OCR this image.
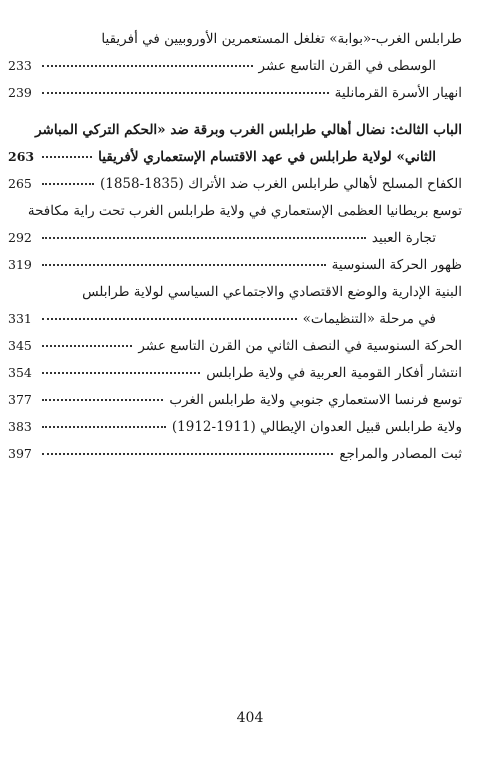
طرابلس الغرب-«بوابة» تغلغل المستعمرين الأوروبيين في أفريقيا
الوسطى في القرن التاسع عشر
233
انهيار الأسرة القرمانلية
239
الباب الثالث: نضال أهالي طرابلس الغرب وبرقة ضد «الحكم التركي المباشر
الثاني» لولاية طرابلس في عهد الاقتسام الإستعماري لأفريقيا
263
الكفاح المسلح لأهالي طرابلس الغرب ضد الأتراك (1835-1858)
265
توسع بريطانيا العظمى الإستعماري في ولاية طرابلس الغرب تحت راية مكافحة
تجارة العبيد
292
ظهور الحركة السنوسية
319
البنية الإدارية والوضع الاقتصادي والاجتماعي السياسي لولاية طرابلس
في مرحلة «التنظيمات»
331
الحركة السنوسية في النصف الثاني من القرن التاسع عشر
345
انتشار أفكار القومية العربية في ولاية طرابلس
354
توسع فرنسا الاستعماري جنوبي ولاية طرابلس الغرب
377
ولاية طرابلس قبيل العدوان الإيطالي (1911-1912)
383
ثبت المصادر والمراجع
397
404
